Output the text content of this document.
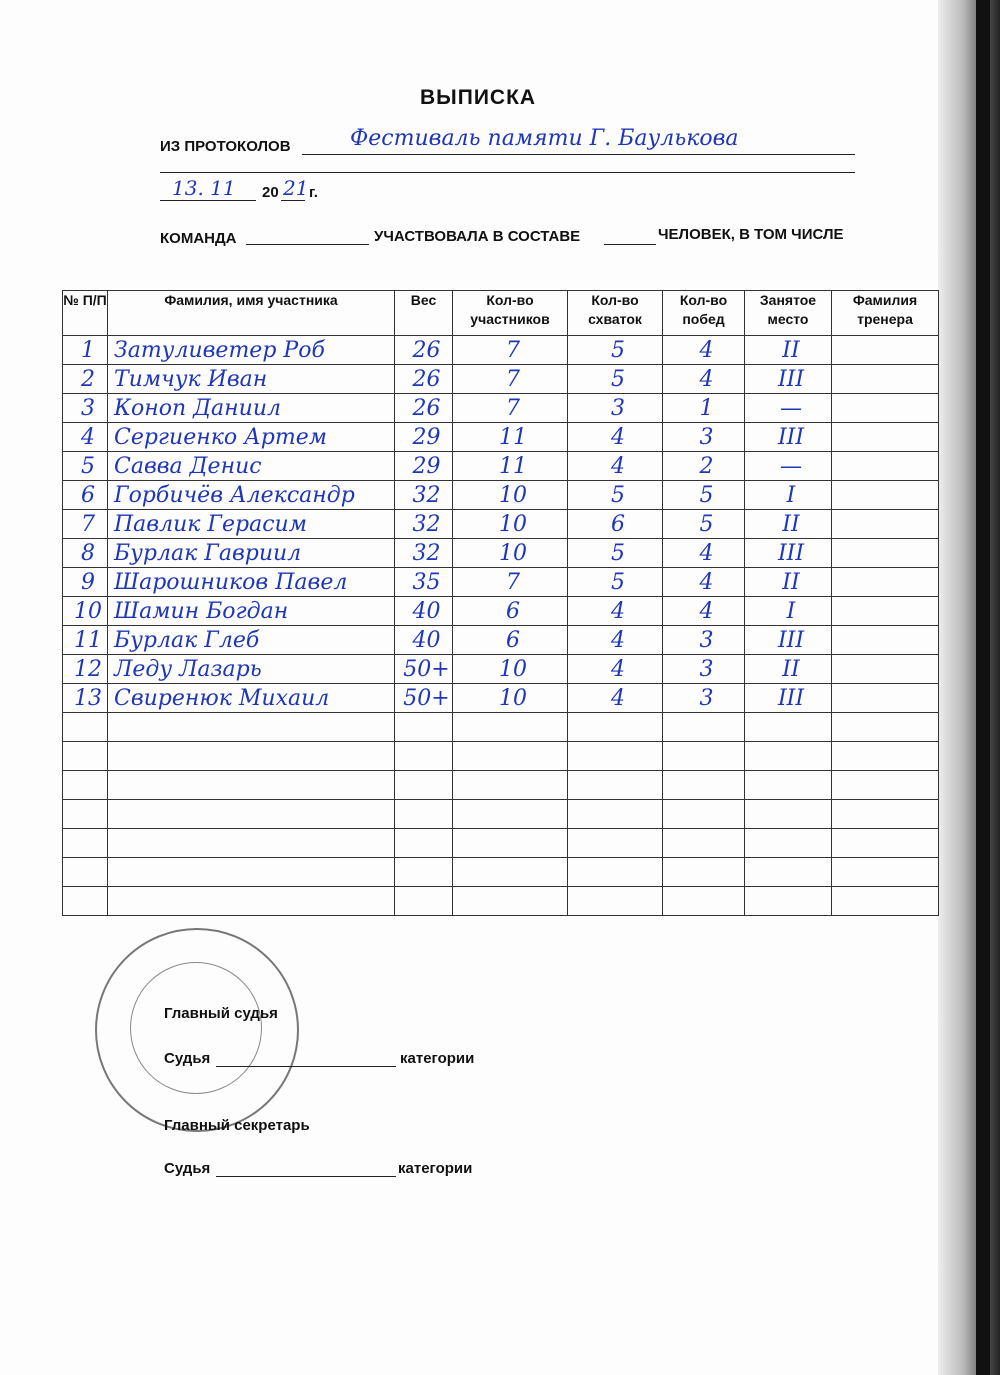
ВЫПИСКА
ИЗ ПРОТОКОЛОВ	Фестиваль памяти Г. Баулькова
13. 11 20 21 г.
КОМАНДА	УЧАСТВОВАЛА В СОСТАВЕ	ЧЕЛОВЕК, В ТОМ ЧИСЛЕ
№ П/П	Фамилия, имя участника	Вес	Кол-во участников	Кол-во схваток	Кол-во побед	Занятое место	Фамилия тренера
1	Затуливетер Роб	26	7	5	4	II	
2	Тимчук Иван	26	7	5	4	III	
3	Коноп Даниил	26	7	3	1	—	
4	Сергиенко Артем	29	11	4	3	III	
5	Савва Денис	29	11	4	2	—	
6	Горбичёв Александр	32	10	5	5	I	
7	Павлик Герасим	32	10	6	5	II	
8	Бурлак Гавриил	32	10	5	4	III	
9	Шарошников Павел	35	7	5	4	II	
10	Шамин Богдан	40	6	4	4	I	
11	Бурлак Глеб	40	6	4	3	III	
12	Леду Лазарь	50+	10	4	3	II	
13	Свиренюк Михаил	50+	10	4	3	III	

Главный судья
Судья	категории
Главный секретарь
Судья	категории
